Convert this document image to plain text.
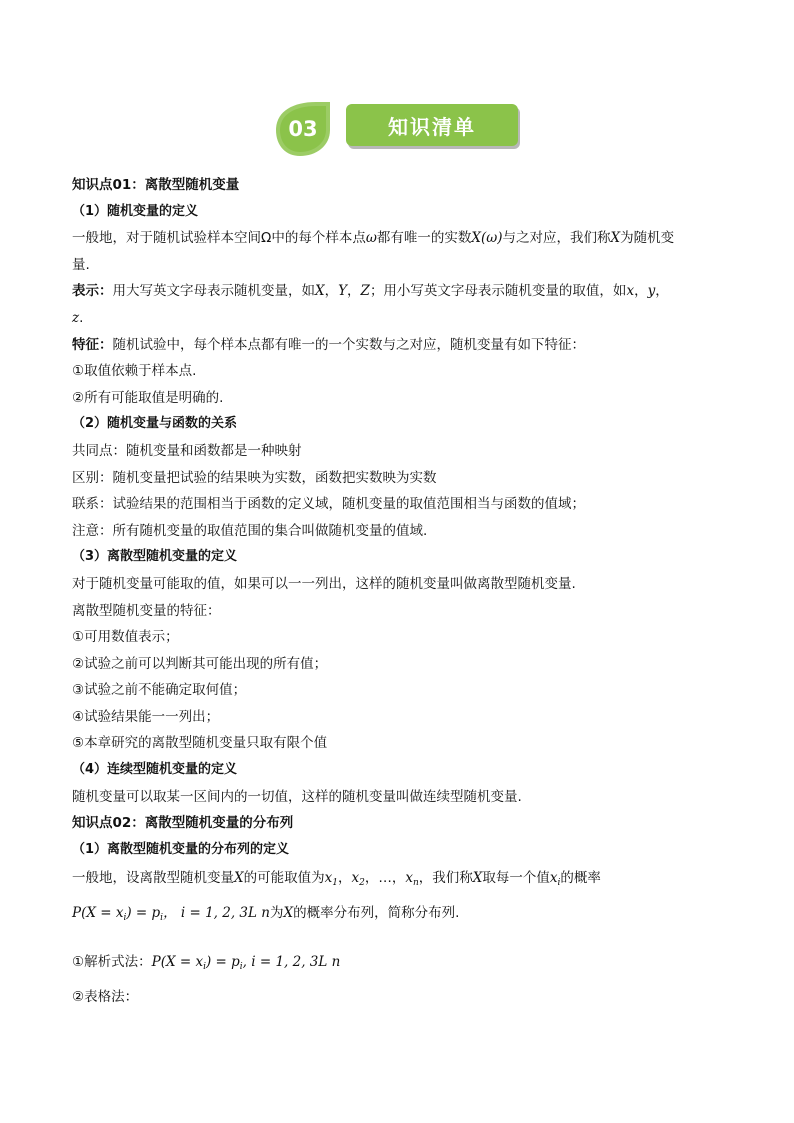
03	知识清单
知识点01：离散型随机变量
（1）随机变量的定义
一般地，对于随机试验样本空间Ω中的每个样本点ω都有唯一的实数X(ω)与之对应，我们称X为随机变
量.
表示：用大写英文字母表示随机变量，如X，Y，Z；用小写英文字母表示随机变量的取值，如x，y，
z.
特征：随机试验中，每个样本点都有唯一的一个实数与之对应，随机变量有如下特征：
①取值依赖于样本点.
②所有可能取值是明确的.
（2）随机变量与函数的关系
共同点：随机变量和函数都是一种映射
区别：随机变量把试验的结果映为实数，函数把实数映为实数
联系：试验结果的范围相当于函数的定义域，随机变量的取值范围相当与函数的值域；
注意：所有随机变量的取值范围的集合叫做随机变量的值域.
（3）离散型随机变量的定义
对于随机变量可能取的值，如果可以一一列出，这样的随机变量叫做离散型随机变量.
离散型随机变量的特征：
①可用数值表示；
②试验之前可以判断其可能出现的所有值；
③试验之前不能确定取何值；
④试验结果能一一列出；
⑤本章研究的离散型随机变量只取有限个值
（4）连续型随机变量的定义
随机变量可以取某一区间内的一切值，这样的随机变量叫做连续型随机变量.
知识点02：离散型随机变量的分布列
（1）离散型随机变量的分布列的定义
一般地，设离散型随机变量X的可能取值为$x_1$，$x_2$，…，$x_n$，我们称X取每一个值$x_i$的概率
$P(X = x_i) = p_i$， i = 1, 2, 3L n为X的概率分布列，简称分布列.
①解析式法：$P(X = x_i) = p_i$, i = 1, 2, 3L n
②表格法：
